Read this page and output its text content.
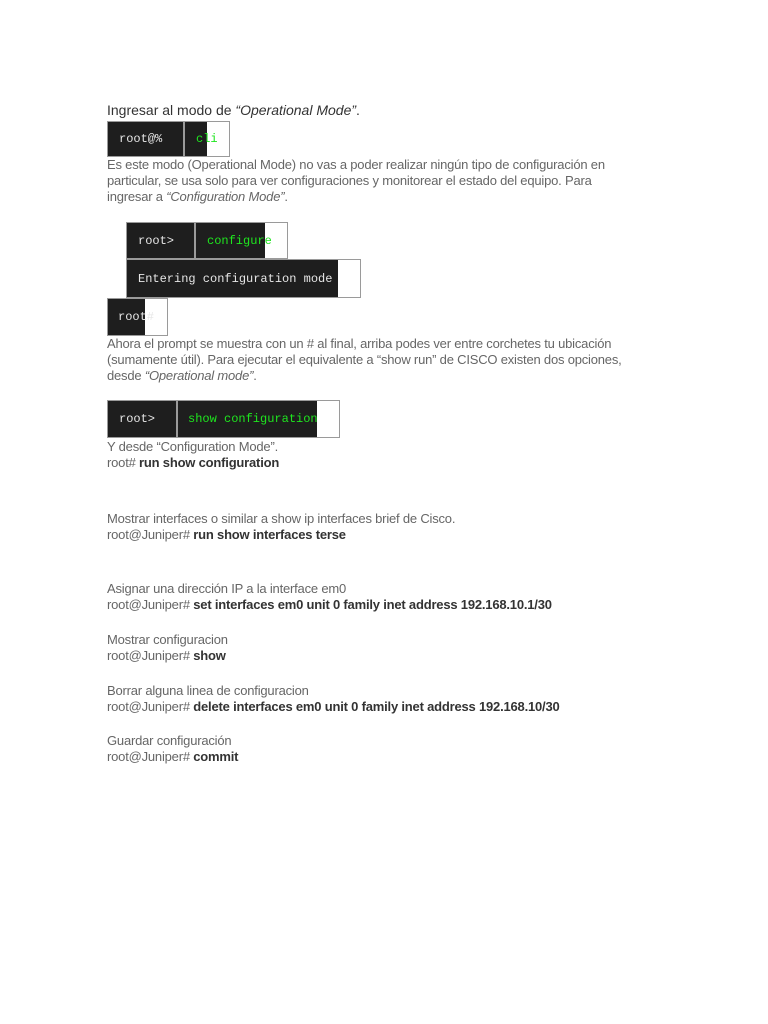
Ingresar al modo de “Operational Mode”.
root@%	cli
Es este modo (Operational Mode) no vas a poder realizar ningún tipo de configuración en
particular, se usa solo para ver configuraciones y monitorear el estado del equipo. Para
ingresar a “Configuration Mode”.
root>	configure
Entering configuration mode
root#
Ahora el prompt se muestra con un # al final, arriba podes ver entre corchetes tu ubicación
(sumamente útil). Para ejecutar el equivalente a “show run” de CISCO existen dos opciones,
desde “Operational mode”.
root>	show configuration
Y desde “Configuration Mode”.
root# run show configuration
Mostrar interfaces o similar a show ip interfaces brief de Cisco.
root@Juniper# run show interfaces terse
Asignar una dirección IP a la interface em0
root@Juniper# set interfaces em0 unit 0 family inet address 192.168.10.1/30
Mostrar configuracion
root@Juniper# show
Borrar alguna linea de configuracion
root@Juniper# delete interfaces em0 unit 0 family inet address 192.168.10/30
Guardar configuración
root@Juniper# commit
